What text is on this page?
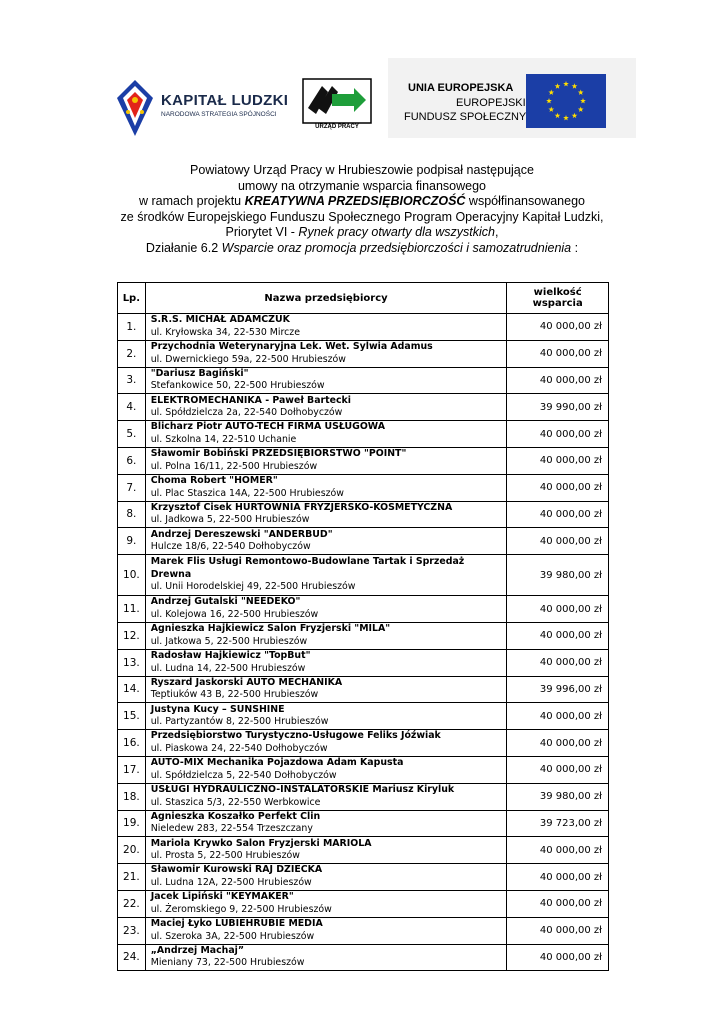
KAPITAŁ LUDZKI
NARODOWA STRATEGIA SPÓJNOŚCI
URZĄD PRACY
UNIA EUROPEJSKA
EUROPEJSKI
FUNDUSZ SPOŁECZNY
Powiatowy Urząd Pracy w Hrubieszowie podpisał następujące
umowy na otrzymanie wsparcia finansowego
w ramach projektu KREATYWNA PRZEDSIĘBIORCZOŚĆ współfinansowanego
ze środków Europejskiego Funduszu Społecznego Program Operacyjny Kapitał Ludzki,
Priorytet VI - Rynek pracy otwarty dla wszystkich,
Działanie 6.2 Wsparcie oraz promocja przedsiębiorczości i samozatrudnienia :
Lp.	Nazwa przedsiębiorcy	wielkość
wsparcia

1.	S.R.S. MICHAŁ ADAMCZUK
ul. Kryłowska 34, 22-530 Mircze	40 000,00 zł
2.	Przychodnia Weterynaryjna Lek. Wet. Sylwia Adamus
ul. Dwernickiego 59a, 22-500 Hrubieszów	40 000,00 zł
3.	"Dariusz Bagiński"
Stefankowice 50, 22-500 Hrubieszów	40 000,00 zł
4.	ELEKTROMECHANIKA - Paweł Bartecki
ul. Spółdzielcza 2a, 22-540 Dołhobyczów	39 990,00 zł
5.	Blicharz Piotr AUTO-TECH FIRMA USŁUGOWA
ul. Szkolna 14, 22-510 Uchanie	40 000,00 zł
6.	Sławomir Bobiński PRZEDSIĘBIORSTWO "POINT"
ul. Polna 16/11, 22-500 Hrubieszów	40 000,00 zł
7.	Choma Robert "HOMER"
ul. Plac Staszica 14A, 22-500 Hrubieszów	40 000,00 zł
8.	Krzysztof Cisek HURTOWNIA FRYZJERSKO-KOSMETYCZNA
ul. Jadkowa 5, 22-500 Hrubieszów	40 000,00 zł
9.	Andrzej Dereszewski "ANDERBUD"
Hulcze 18/6, 22-540 Dołhobyczów	40 000,00 zł
10.	Marek Flis Usługi Remontowo-Budowlane Tartak i Sprzedaż Drewna
ul. Unii Horodelskiej 49, 22-500 Hrubieszów	39 980,00 zł
11.	Andrzej Gutalski "NEEDEKO"
ul. Kolejowa 16, 22-500 Hrubieszów	40 000,00 zł
12.	Agnieszka Hajkiewicz Salon Fryzjerski "MILA"
ul. Jatkowa 5, 22-500 Hrubieszów	40 000,00 zł
13.	Radosław Hajkiewicz "TopBut"
ul. Ludna 14, 22-500 Hrubieszów	40 000,00 zł
14.	Ryszard Jaskorski AUTO MECHANIKA
Teptiuków 43 B, 22-500 Hrubieszów	39 996,00 zł
15.	Justyna Kucy – SUNSHINE
ul. Partyzantów 8, 22-500 Hrubieszów	40 000,00 zł
16.	Przedsiębiorstwo Turystyczno-Usługowe Feliks Jóźwiak
ul. Piaskowa 24, 22-540 Dołhobyczów	40 000,00 zł
17.	AUTO-MIX Mechanika Pojazdowa Adam Kapusta
ul. Spółdzielcza 5, 22-540 Dołhobyczów	40 000,00 zł
18.	USŁUGI HYDRAULICZNO-INSTALATORSKIE Mariusz Kiryluk
ul. Staszica 5/3, 22-550 Werbkowice	39 980,00 zł
19.	Agnieszka Koszałko Perfekt Clin
Nieledew 283, 22-554 Trzeszczany	39 723,00 zł
20.	Mariola Krywko Salon Fryzjerski MARIOLA
ul. Prosta 5, 22-500 Hrubieszów	40 000,00 zł
21.	Sławomir Kurowski RAJ DZIECKA
ul. Ludna 12A, 22-500 Hrubieszów	40 000,00 zł
22.	Jacek Lipiński "KEYMAKER"
ul. Żeromskiego 9, 22-500 Hrubieszów	40 000,00 zł
23.	Maciej Łyko LUBIEHRUBIE MEDIA
ul. Szeroka 3A, 22-500 Hrubieszów	40 000,00 zł
24.	„Andrzej Machaj”
Mieniany 73, 22-500 Hrubieszów	40 000,00 zł
